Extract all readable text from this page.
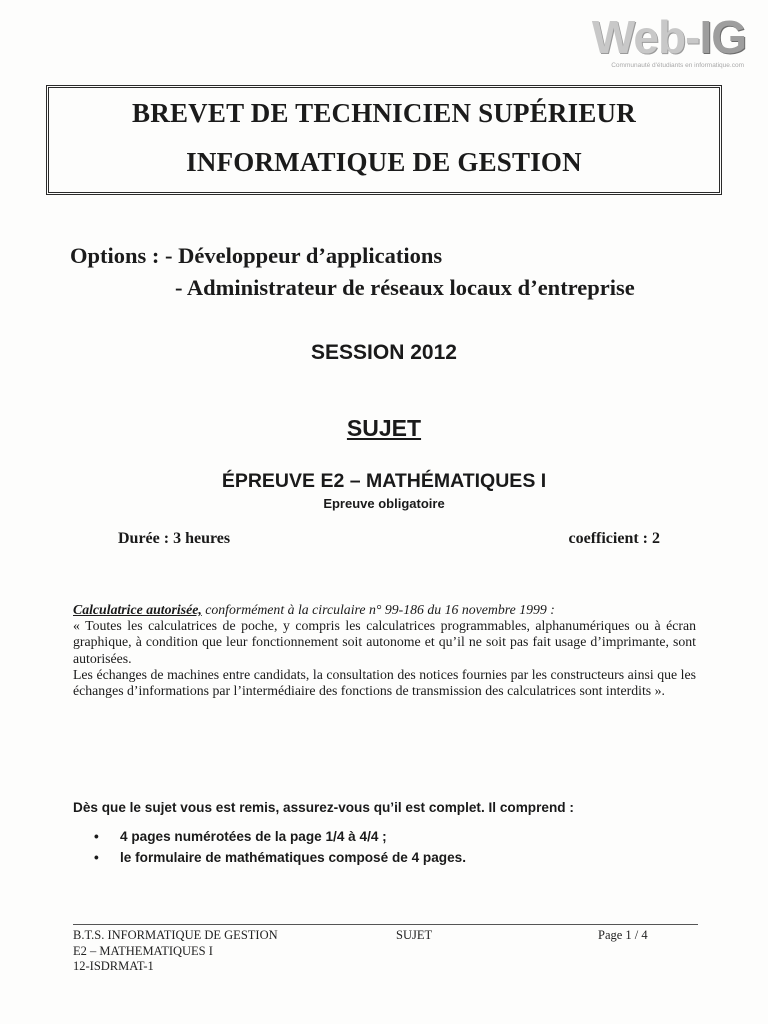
Web-IG
Communauté d'étudiants en informatique.com
BREVET DE TECHNICIEN SUPÉRIEUR
INFORMATIQUE DE GESTION
Options : - Développeur d’applications
- Administrateur de réseaux locaux d’entreprise
SESSION 2012
SUJET
ÉPREUVE E2 – MATHÉMATIQUES I
Epreuve obligatoire
Durée : 3 heures	coefficient : 2

Calculatrice autorisée, conformément à la circulaire n° 99-186 du 16 novembre 1999 :

« Toutes les calculatrices de poche, y compris les calculatrices programmables, alphanumériques ou à écran graphique, à condition que leur fonctionnement soit autonome et qu’il ne soit pas fait usage d’imprimante, sont autorisées.

Les échanges de machines entre candidats, la consultation des notices fournies par les constructeurs ainsi que les échanges d’informations par l’intermédiaire des fonctions de transmission des calculatrices sont interdits ».

Dès que le sujet vous est remis, assurez-vous qu’il est complet. Il comprend :
• 4 pages numérotées de la page 1/4 à 4/4 ;
• le formulaire de mathématiques composé de 4 pages.
B.T.S. INFORMATIQUE DE GESTION
E2 – MATHEMATIQUES I
12-ISDRMAT-1
SUJET	Page 1 / 4
